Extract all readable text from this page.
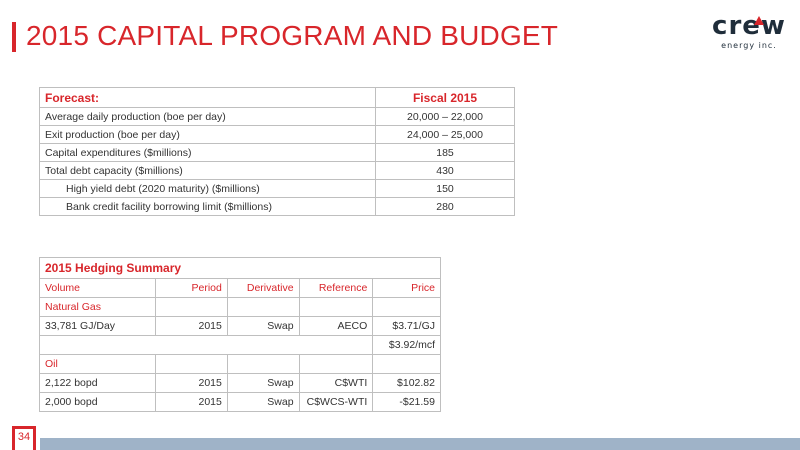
2015 CAPITAL PROGRAM AND BUDGET	crew
energy inc.
Forecast:	Fiscal 2015
Average daily production (boe per day)	20,000 – 22,000
Exit production (boe per day)	24,000 – 25,000
Capital expenditures ($millions)	185
Total debt capacity ($millions)	430
High yield debt (2020 maturity) ($millions)	150
Bank credit facility borrowing limit ($millions)	280
2015 Hedging Summary				
Volume	Period	Derivative	Reference	Price
Natural Gas				
33,781 GJ/Day	2015	Swap	AECO	$3.71/GJ
				$3.92/mcf
Oil				
2,122 bopd	2015	Swap	C$WTI	$102.82
2,000 bopd	2015	Swap	C$WCS-WTI	-$21.59
34
